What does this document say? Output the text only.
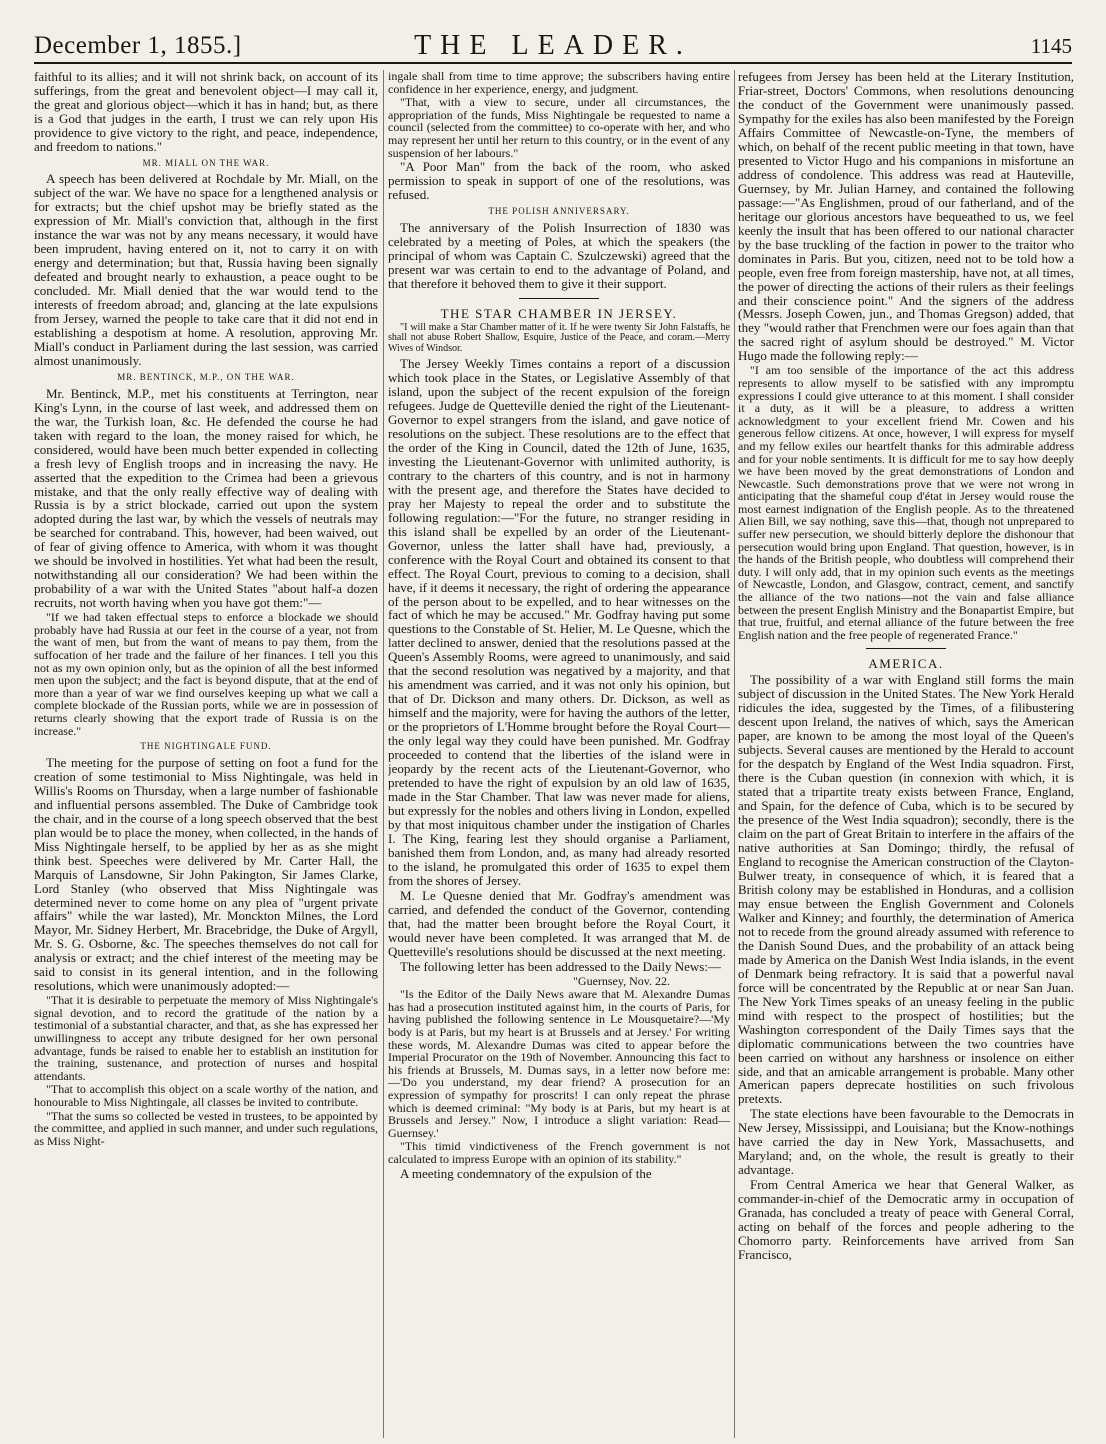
December 1, 1855.]	THE LEADER.	1145

faithful to its allies; and it will not shrink back, on account of its sufferings, from the great and benevolent object—I may call it, the great and glorious object—which it has in hand; but, as there is a God that judges in the earth, I trust we can rely upon His providence to give victory to the right, and peace, independence, and freedom to nations."

MR. MIALL ON THE WAR.

A speech has been delivered at Rochdale by Mr. Miall, on the subject of the war. We have no space for a lengthened analysis or for extracts; but the chief upshot may be briefly stated as the expression of Mr. Miall's conviction that, although in the first instance the war was not by any means necessary, it would have been imprudent, having entered on it, not to carry it on with energy and determination; but that, Russia having been signally defeated and brought nearly to exhaustion, a peace ought to be concluded. Mr. Miall denied that the war would tend to the interests of freedom abroad; and, glancing at the late expulsions from Jersey, warned the people to take care that it did not end in establishing a despotism at home. A resolution, approving Mr. Miall's conduct in Parliament during the last session, was carried almost unanimously.

MR. BENTINCK, M.P., ON THE WAR.

Mr. Bentinck, M.P., met his constituents at Terrington, near King's Lynn, in the course of last week, and addressed them on the war, the Turkish loan, &c. He defended the course he had taken with regard to the loan, the money raised for which, he considered, would have been much better expended in collecting a fresh levy of English troops and in increasing the navy. He asserted that the expedition to the Crimea had been a grievous mistake, and that the only really effective way of dealing with Russia is by a strict blockade, carried out upon the system adopted during the last war, by which the vessels of neutrals may be searched for contraband. This, however, had been waived, out of fear of giving offence to America, with whom it was thought we should be involved in hostilities. Yet what had been the result, notwithstanding all our consideration? We had been within the probability of a war with the United States "about half-a dozen recruits, not worth having when you have got them:"—

"If we had taken effectual steps to enforce a blockade we should probably have had Russia at our feet in the course of a year, not from the want of men, but from the want of means to pay them, from the suffocation of her trade and the failure of her finances. I tell you this not as my own opinion only, but as the opinion of all the best informed men upon the subject; and the fact is beyond dispute, that at the end of more than a year of war we find ourselves keeping up what we call a complete blockade of the Russian ports, while we are in possession of returns clearly showing that the export trade of Russia is on the increase."

THE NIGHTINGALE FUND.

The meeting for the purpose of setting on foot a fund for the creation of some testimonial to Miss Nightingale, was held in Willis's Rooms on Thursday, when a large number of fashionable and influential persons assembled. The Duke of Cambridge took the chair, and in the course of a long speech observed that the best plan would be to place the money, when collected, in the hands of Miss Nightingale herself, to be applied by her as as she might think best. Speeches were delivered by Mr. Carter Hall, the Marquis of Lansdowne, Sir John Pakington, Sir James Clarke, Lord Stanley (who observed that Miss Nightingale was determined never to come home on any plea of "urgent private affairs" while the war lasted), Mr. Monckton Milnes, the Lord Mayor, Mr. Sidney Herbert, Mr. Bracebridge, the Duke of Argyll, Mr. S. G. Osborne, &c. The speeches themselves do not call for analysis or extract; and the chief interest of the meeting may be said to consist in its general intention, and in the following resolutions, which were unanimously adopted:—

"That it is desirable to perpetuate the memory of Miss Nightingale's signal devotion, and to record the gratitude of the nation by a testimonial of a substantial character, and that, as she has expressed her unwillingness to accept any tribute designed for her own personal advantage, funds be raised to enable her to establish an institution for the training, sustenance, and protection of nurses and hospital attendants.

"That to accomplish this object on a scale worthy of the nation, and honourable to Miss Nightingale, all classes be invited to contribute.

"That the sums so collected be vested in trustees, to be appointed by the committee, and applied in such manner, and under such regulations, as Miss Night-

ingale shall from time to time approve; the subscribers having entire confidence in her experience, energy, and judgment.

"That, with a view to secure, under all circumstances, the appropriation of the funds, Miss Nightingale be requested to name a council (selected from the committee) to co-operate with her, and who may represent her until her return to this country, or in the event of any suspension of her labours."

"A Poor Man" from the back of the room, who asked permission to speak in support of one of the resolutions, was refused.

THE POLISH ANNIVERSARY.

The anniversary of the Polish Insurrection of 1830 was celebrated by a meeting of Poles, at which the speakers (the principal of whom was Captain C. Szulczewski) agreed that the present war was certain to end to the advantage of Poland, and that therefore it behoved them to give it their support.

THE STAR CHAMBER IN JERSEY.

"I will make a Star Chamber matter of it. If he were twenty Sir John Falstaffs, he shall not abuse Robert Shallow, Esquire, Justice of the Peace, and coram.—Merry Wives of Windsor.

The Jersey Weekly Times contains a report of a discussion which took place in the States, or Legislative Assembly of that island, upon the subject of the recent expulsion of the foreign refugees. Judge de Quetteville denied the right of the Lieutenant-Governor to expel strangers from the island, and gave notice of resolutions on the subject. These resolutions are to the effect that the order of the King in Council, dated the 12th of June, 1635, investing the Lieutenant-Governor with unlimited authority, is contrary to the charters of this country, and is not in harmony with the present age, and therefore the States have decided to pray her Majesty to repeal the order and to substitute the following regulation:—"For the future, no stranger residing in this island shall be expelled by an order of the Lieutenant-Governor, unless the latter shall have had, previously, a conference with the Royal Court and obtained its consent to that effect. The Royal Court, previous to coming to a decision, shall have, if it deems it necessary, the right of ordering the appearance of the person about to be expelled, and to hear witnesses on the fact of which he may be accused." Mr. Godfray having put some questions to the Constable of St. Helier, M. Le Quesne, which the latter declined to answer, denied that the resolutions passed at the Queen's Assembly Rooms, were agreed to unanimously, and said that the second resolution was negatived by a majority, and that his amendment was carried, and it was not only his opinion, but that of Dr. Dickson and many others. Dr. Dickson, as well as himself and the majority, were for having the authors of the letter, or the proprietors of L'Homme brought before the Royal Court—the only legal way they could have been punished. Mr. Godfray proceeded to contend that the liberties of the island were in jeopardy by the recent acts of the Lieutenant-Governor, who pretended to have the right of expulsion by an old law of 1635, made in the Star Chamber. That law was never made for aliens, but expressly for the nobles and others living in London, expelled by that most iniquitous chamber under the instigation of Charles I. The King, fearing lest they should organise a Parliament, banished them from London, and, as many had already resorted to the island, he promulgated this order of 1635 to expel them from the shores of Jersey.

M. Le Quesne denied that Mr. Godfray's amendment was carried, and defended the conduct of the Governor, contending that, had the matter been brought before the Royal Court, it would never have been completed. It was arranged that M. de Quetteville's resolutions should be discussed at the next meeting.

The following letter has been addressed to the Daily News:—

"Guernsey, Nov. 22.

"Is the Editor of the Daily News aware that M. Alexandre Dumas has had a prosecution instituted against him, in the courts of Paris, for having published the following sentence in Le Mousquetaire?—'My body is at Paris, but my heart is at Brussels and at Jersey.' For writing these words, M. Alexandre Dumas was cited to appear before the Imperial Procurator on the 19th of November. Announcing this fact to his friends at Brussels, M. Dumas says, in a letter now before me:—'Do you understand, my dear friend? A prosecution for an expression of sympathy for proscrits! I can only repeat the phrase which is deemed criminal: "My body is at Paris, but my heart is at Brussels and Jersey." Now, I introduce a slight variation: Read—Guernsey.'

"This timid vindictiveness of the French government is not calculated to impress Europe with an opinion of its stability."

A meeting condemnatory of the expulsion of the

refugees from Jersey has been held at the Literary Institution, Friar-street, Doctors' Commons, when resolutions denouncing the conduct of the Government were unanimously passed. Sympathy for the exiles has also been manifested by the Foreign Affairs Committee of Newcastle-on-Tyne, the members of which, on behalf of the recent public meeting in that town, have presented to Victor Hugo and his companions in misfortune an address of condolence. This address was read at Hauteville, Guernsey, by Mr. Julian Harney, and contained the following passage:—"As Englishmen, proud of our fatherland, and of the heritage our glorious ancestors have bequeathed to us, we feel keenly the insult that has been offered to our national character by the base truckling of the faction in power to the traitor who dominates in Paris. But you, citizen, need not to be told how a people, even free from foreign mastership, have not, at all times, the power of directing the actions of their rulers as their feelings and their conscience point." And the signers of the address (Messrs. Joseph Cowen, jun., and Thomas Gregson) added, that they "would rather that Frenchmen were our foes again than that the sacred right of asylum should be destroyed." M. Victor Hugo made the following reply:—

"I am too sensible of the importance of the act this address represents to allow myself to be satisfied with any impromptu expressions I could give utterance to at this moment. I shall consider it a duty, as it will be a pleasure, to address a written acknowledgment to your excellent friend Mr. Cowen and his generous fellow citizens. At once, however, I will express for myself and my fellow exiles our heartfelt thanks for this admirable address and for your noble sentiments. It is difficult for me to say how deeply we have been moved by the great demonstrations of London and Newcastle. Such demonstrations prove that we were not wrong in anticipating that the shameful coup d'état in Jersey would rouse the most earnest indignation of the English people. As to the threatened Alien Bill, we say nothing, save this—that, though not unprepared to suffer new persecution, we should bitterly deplore the dishonour that persecution would bring upon England. That question, however, is in the hands of the British people, who doubtless will comprehend their duty. I will only add, that in my opinion such events as the meetings of Newcastle, London, and Glasgow, contract, cement, and sanctify the alliance of the two nations—not the vain and false alliance between the present English Ministry and the Bonapartist Empire, but that true, fruitful, and eternal alliance of the future between the free English nation and the free people of regenerated France."

AMERICA.

The possibility of a war with England still forms the main subject of discussion in the United States. The New York Herald ridicules the idea, suggested by the Times, of a filibustering descent upon Ireland, the natives of which, says the American paper, are known to be among the most loyal of the Queen's subjects. Several causes are mentioned by the Herald to account for the despatch by England of the West India squadron. First, there is the Cuban question (in connexion with which, it is stated that a tripartite treaty exists between France, England, and Spain, for the defence of Cuba, which is to be secured by the presence of the West India squadron); secondly, there is the claim on the part of Great Britain to interfere in the affairs of the native authorities at San Domingo; thirdly, the refusal of England to recognise the American construction of the Clayton-Bulwer treaty, in consequence of which, it is feared that a British colony may be established in Honduras, and a collision may ensue between the English Government and Colonels Walker and Kinney; and fourthly, the determination of America not to recede from the ground already assumed with reference to the Danish Sound Dues, and the probability of an attack being made by America on the Danish West India islands, in the event of Denmark being refractory. It is said that a powerful naval force will be concentrated by the Republic at or near San Juan. The New York Times speaks of an uneasy feeling in the public mind with respect to the prospect of hostilities; but the Washington correspondent of the Daily Times says that the diplomatic communications between the two countries have been carried on without any harshness or insolence on either side, and that an amicable arrangement is probable. Many other American papers deprecate hostilities on such frivolous pretexts.

The state elections have been favourable to the Democrats in New Jersey, Mississippi, and Louisiana; but the Know-nothings have carried the day in New York, Massachusetts, and Maryland; and, on the whole, the result is greatly to their advantage.

From Central America we hear that General Walker, as commander-in-chief of the Democratic army in occupation of Granada, has concluded a treaty of peace with General Corral, acting on behalf of the forces and people adhering to the Chomorro party. Reinforcements have arrived from San Francisco,
